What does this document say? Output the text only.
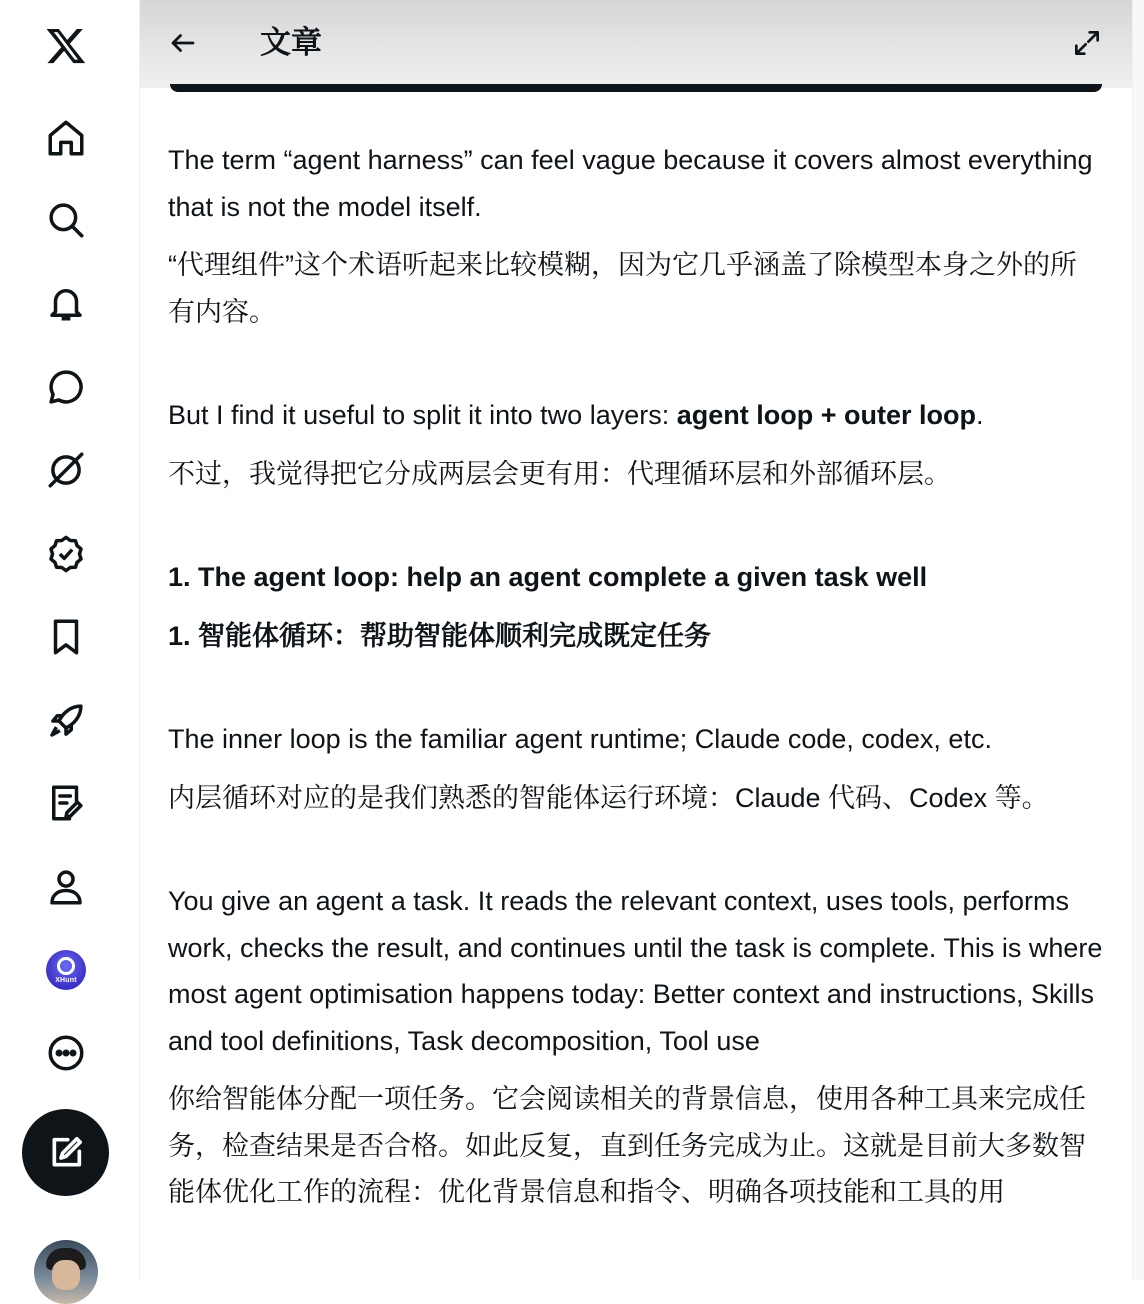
XHunt
文章

The term “agent harness” can feel vague because it covers almost everything that is not the model itself.

“代理组件”这个术语听起来比较模糊，因为它几乎涵盖了除模型本身之外的所有内容。

But I find it useful to split it into two layers: agent loop + outer loop.

不过，我觉得把它分成两层会更有用：代理循环层和外部循环层。

1. The agent loop: help an agent complete a given task well

1. 智能体循环：帮助智能体顺利完成既定任务

The inner loop is the familiar agent runtime; Claude code, codex, etc.

内层循环对应的是我们熟悉的智能体运行环境：Claude 代码、Codex 等。

You give an agent a task. It reads the relevant context, uses tools, performs work, checks the result, and continues until the task is complete. This is where most agent optimisation happens today: Better context and instructions, Skills and tool definitions, Task decomposition, Tool use

你给智能体分配一项任务。它会阅读相关的背景信息，使用各种工具来完成任务，检查结果是否合格。如此反复，直到任务完成为止。这就是目前大多数智能体优化工作的流程：优化背景信息和指令、明确各项技能和工具的用
